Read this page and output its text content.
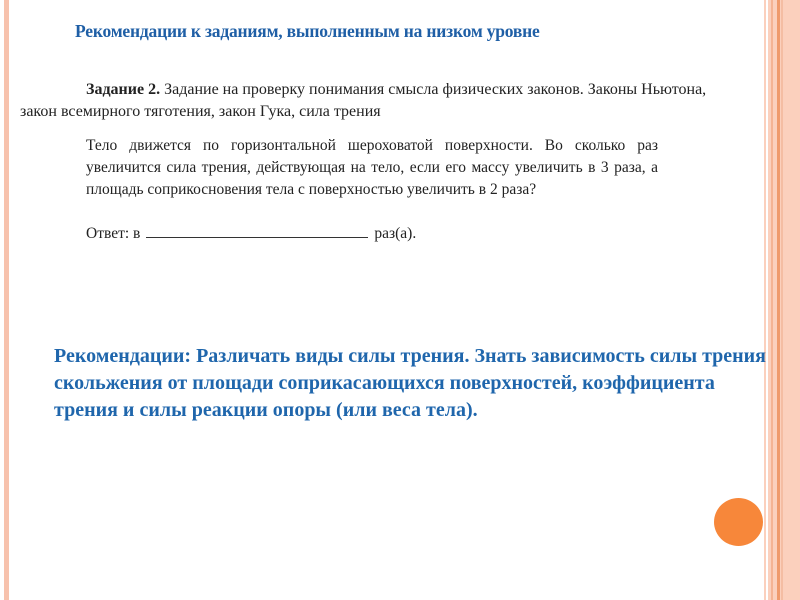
Рекомендации к заданиям, выполненным на низком уровне

Задание 2. Задание на проверку понимания смысла физических законов. Законы Ньютона, закон всемирного тяготения, закон Гука, сила трения

Тело движется по горизонтальной шероховатой поверхности. Во сколько раз увеличится сила трения, действующая на тело, если его массу увеличить в 3 раза, а площадь соприкосновения тела с поверхностью увеличить в 2 раза?

Ответ: в	раз(а).

Рекомендации: Различать виды силы трения. Знать зависимость силы трения скольжения от площади соприкасающихся поверхностей, коэффициента трения и силы реакции опоры (или веса тела).
